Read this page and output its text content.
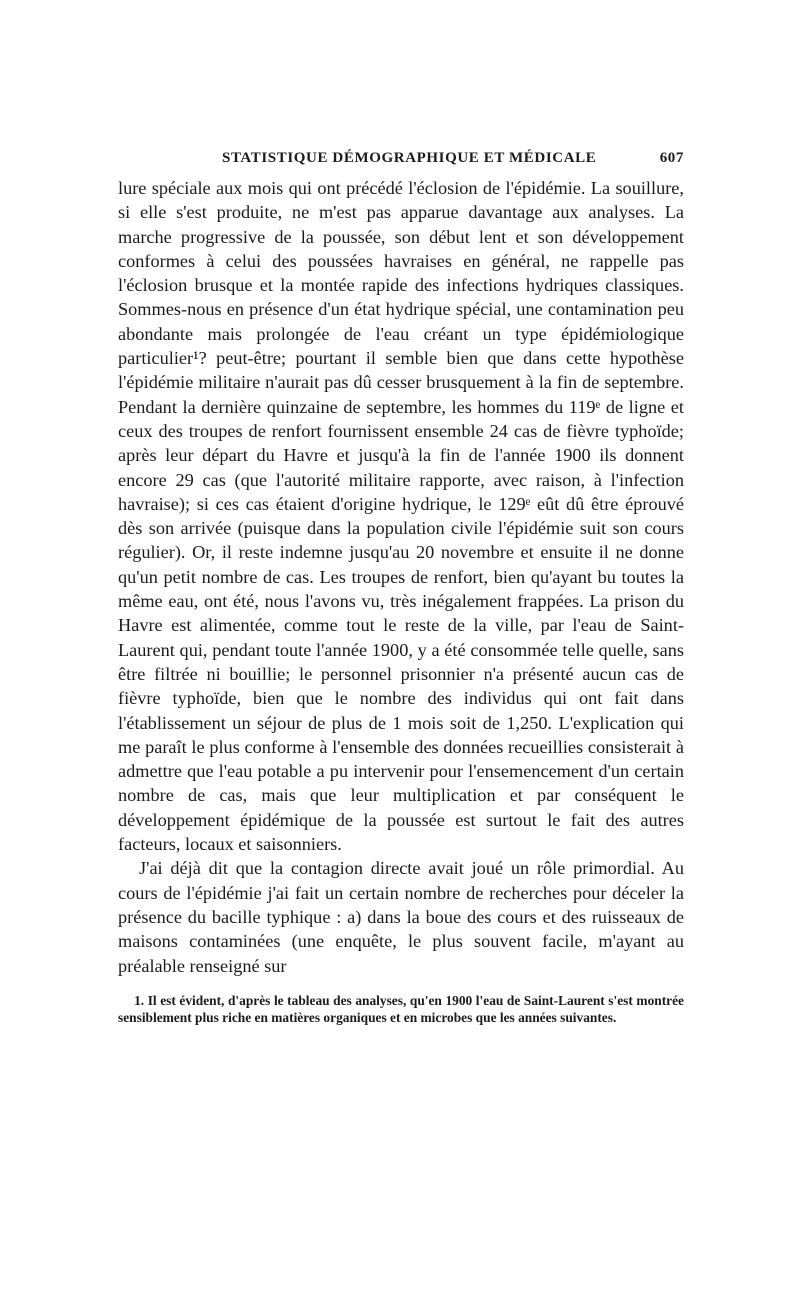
STATISTIQUE DÉMOGRAPHIQUE ET MÉDICALE	607

lure spéciale aux mois qui ont précédé l'éclosion de l'épidémie. La souillure, si elle s'est produite, ne m'est pas apparue davantage aux analyses. La marche progressive de la poussée, son début lent et son développement conformes à celui des poussées havraises en général, ne rappelle pas l'éclosion brusque et la montée rapide des infections hydriques classiques. Sommes-nous en présence d'un état hydrique spécial, une contamination peu abondante mais prolongée de l'eau créant un type épidémiologique particulier¹? peut-être; pourtant il semble bien que dans cette hypothèse l'épidémie militaire n'aurait pas dû cesser brusquement à la fin de septembre. Pendant la dernière quinzaine de septembre, les hommes du 119ᵉ de ligne et ceux des troupes de renfort fournissent ensemble 24 cas de fièvre typhoïde; après leur départ du Havre et jusqu'à la fin de l'année 1900 ils donnent encore 29 cas (que l'autorité militaire rapporte, avec raison, à l'infection havraise); si ces cas étaient d'origine hydrique, le 129ᵉ eût dû être éprouvé dès son arrivée (puisque dans la population civile l'épidémie suit son cours régulier). Or, il reste indemne jusqu'au 20 novembre et ensuite il ne donne qu'un petit nombre de cas. Les troupes de renfort, bien qu'ayant bu toutes la même eau, ont été, nous l'avons vu, très inégalement frappées. La prison du Havre est alimentée, comme tout le reste de la ville, par l'eau de Saint-Laurent qui, pendant toute l'année 1900, y a été consommée telle quelle, sans être filtrée ni bouillie; le personnel prisonnier n'a présenté aucun cas de fièvre typhoïde, bien que le nombre des individus qui ont fait dans l'établissement un séjour de plus de 1 mois soit de 1,250. L'explication qui me paraît le plus conforme à l'ensemble des données recueillies consisterait à admettre que l'eau potable a pu intervenir pour l'ensemencement d'un certain nombre de cas, mais que leur multiplication et par conséquent le développement épidémique de la poussée est surtout le fait des autres facteurs, locaux et saisonniers.

J'ai déjà dit que la contagion directe avait joué un rôle primordial. Au cours de l'épidémie j'ai fait un certain nombre de recherches pour déceler la présence du bacille typhique : a) dans la boue des cours et des ruisseaux de maisons contaminées (une enquête, le plus souvent facile, m'ayant au préalable renseigné sur

1. Il est évident, d'après le tableau des analyses, qu'en 1900 l'eau de Saint-Laurent s'est montrée sensiblement plus riche en matières organiques et en microbes que les années suivantes.
